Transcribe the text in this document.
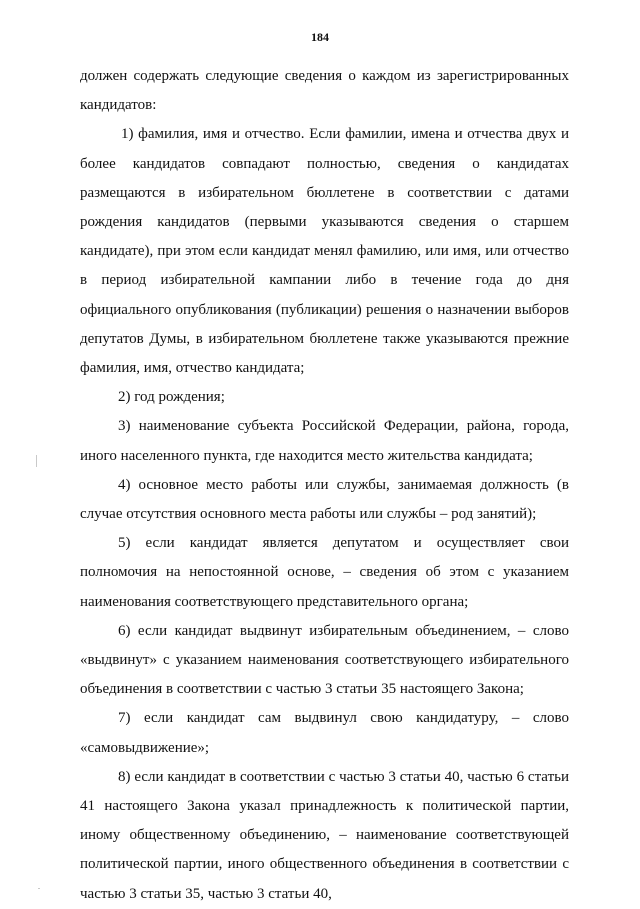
184

должен содержать следующие сведения о каждом из зарегистрированных кандидатов:

1) фамилия, имя и отчество. Если фамилии, имена и отчества двух и более кандидатов совпадают полностью, сведения о кандидатах размещаются в избирательном бюллетене в соответствии с датами рождения кандидатов (первыми указываются сведения о старшем кандидате), при этом если кандидат менял фамилию, или имя, или отчество в период избирательной кампании либо в течение года до дня официального опубликования (публикации) решения о назначении выборов депутатов Думы, в избирательном бюллетене также указываются прежние фамилия, имя, отчество кандидата;

2) год рождения;

3) наименование субъекта Российской Федерации, района, города, иного населенного пункта, где находится место жительства кандидата;

4) основное место работы или службы, занимаемая должность (в случае отсутствия основного места работы или службы – род занятий);

5) если кандидат является депутатом и осуществляет свои полномочия на непостоянной основе, – сведения об этом с указанием наименования соответствующего представительного органа;

6) если кандидат выдвинут избирательным объединением, – слово «выдвинут» с указанием наименования соответствующего избирательного объединения в соответствии с частью 3 статьи 35 настоящего Закона;

7) если кандидат сам выдвинул свою кандидатуру, – слово «самовыдвижение»;

8) если кандидат в соответствии с частью 3 статьи 40, частью 6 статьи 41 настоящего Закона указал принадлежность к политической партии, иному общественному объединению, – наименование соответствующей политической партии, иного общественного объединения в соответствии с частью 3 статьи 35, частью 3 статьи 40,
